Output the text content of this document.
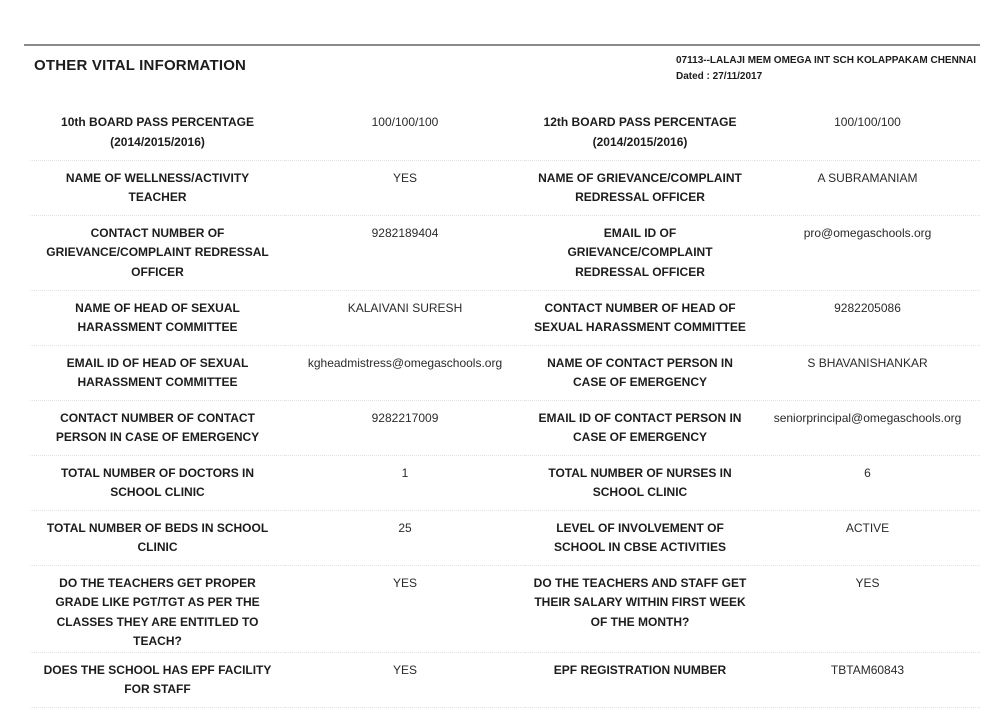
OTHER VITAL INFORMATION	07113--LALAJI MEM OMEGA INT SCH KOLAPPAKAM CHENNAI
Dated : 27/11/2017
10th BOARD PASS PERCENTAGE (2014/2015/2016)	100/100/100	12th BOARD PASS PERCENTAGE (2014/2015/2016)	100/100/100
NAME OF WELLNESS/ACTIVITY TEACHER	YES	NAME OF GRIEVANCE/COMPLAINT REDRESSAL OFFICER	A SUBRAMANIAM
CONTACT NUMBER OF GRIEVANCE/COMPLAINT REDRESSAL OFFICER	9282189404	EMAIL ID OF GRIEVANCE/COMPLAINT REDRESSAL OFFICER	pro@omegaschools.org
NAME OF HEAD OF SEXUAL HARASSMENT COMMITTEE	KALAIVANI SURESH	CONTACT NUMBER OF HEAD OF SEXUAL HARASSMENT COMMITTEE	9282205086
EMAIL ID OF HEAD OF SEXUAL HARASSMENT COMMITTEE	kgheadmistress@omegaschools.org	NAME OF CONTACT PERSON IN CASE OF EMERGENCY	S BHAVANISHANKAR
CONTACT NUMBER OF CONTACT PERSON IN CASE OF EMERGENCY	9282217009	EMAIL ID OF CONTACT PERSON IN CASE OF EMERGENCY	seniorprincipal@omegaschools.org
TOTAL NUMBER OF DOCTORS IN SCHOOL CLINIC	1	TOTAL NUMBER OF NURSES IN SCHOOL CLINIC	6
TOTAL NUMBER OF BEDS IN SCHOOL CLINIC	25	LEVEL OF INVOLVEMENT OF SCHOOL IN CBSE ACTIVITIES	ACTIVE
DO THE TEACHERS GET PROPER GRADE LIKE PGT/TGT AS PER THE CLASSES THEY ARE ENTITLED TO TEACH?	YES	DO THE TEACHERS AND STAFF GET THEIR SALARY WITHIN FIRST WEEK OF THE MONTH?	YES
DOES THE SCHOOL HAS EPF FACILITY FOR STAFF	YES	EPF REGISTRATION NUMBER	TBTAM60843
